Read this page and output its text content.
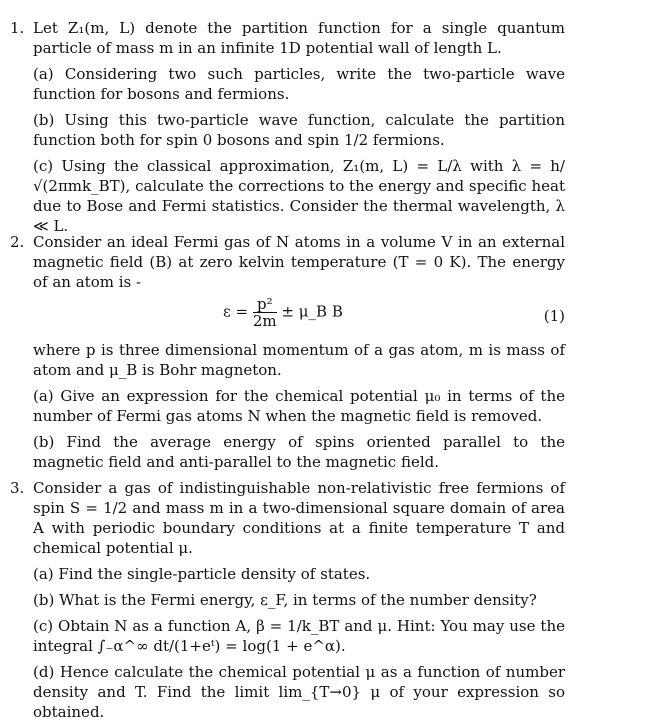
1. Let Z₁(m, L) denote the partition function for a single quantum particle of mass m in an infinite 1D potential wall of length L.
(a) Considering two such particles, write the two-particle wave function for bosons and fermions.
(b) Using this two-particle wave function, calculate the partition function both for spin 0 bosons and spin 1/2 fermions.
(c) Using the classical approximation, Z₁(m, L) = L/λ with λ = h/√(2πmk_BT), calculate the corrections to the energy and specific heat due to Bose and Fermi statistics. Consider the thermal wavelength, λ ≪ L.
2. Consider an ideal Fermi gas of N atoms in a volume V in an external magnetic field (B) at zero kelvin temperature (T = 0 K). The energy of an atom is -
$\varepsilon = \frac{\text{p²}}{2m}$ ± μ_B B	(1)
where p is three dimensional momentum of a gas atom, m is mass of atom and μ_B is Bohr magneton.
(a) Give an expression for the chemical potential μ₀ in terms of the number of Fermi gas atoms N when the magnetic field is removed.
(b) Find the average energy of spins oriented parallel to the magnetic field and anti-parallel to the magnetic field.
3. Consider a gas of indistinguishable non-relativistic free fermions of spin S = 1/2 and mass m in a two-dimensional square domain of area A with periodic boundary conditions at a finite temperature T and chemical potential μ.
(a) Find the single-particle density of states.
(b) What is the Fermi energy, ε_F, in terms of the number density?
(c) Obtain N as a function A, β = 1/k_BT and μ. Hint: You may use the integral ∫₋α^∞ dt/(1+eᵗ) = log(1 + e^α).
(d) Hence calculate the chemical potential μ as a function of number density and T. Find the limit lim_{T→0} μ of your expression so obtained.
